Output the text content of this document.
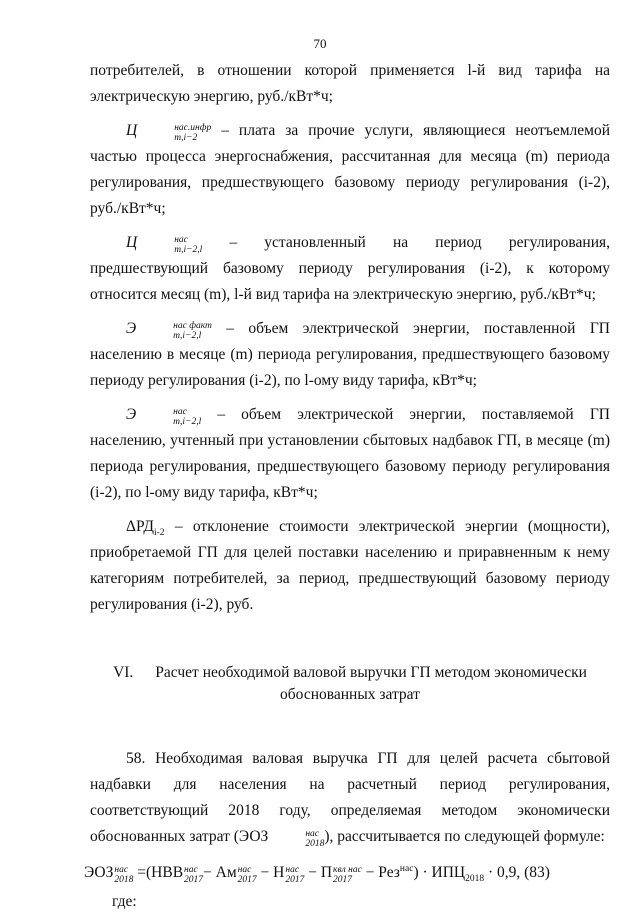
70

потребителей, в отношении которой применяется l-й вид тарифа на электрическую энергию, руб./кВт*ч;

Ц	нас.инфр
m,i−2 – плата за прочие услуги, являющиеся неотъемлемой частью процесса энергоснабжения, рассчитанная для месяца (m) периода регулирования, предшествующего базовому периоду регулирования (i-2), руб./кВт*ч;

Ц	нас
m,i−2,l – установленный на период регулирования, предшествующий базовому периоду регулирования (i-2), к которому относится месяц (m), l-й вид тарифа на электрическую энергию, руб./кВт*ч;

Э	нас факт
m,i−2,l – объем электрической энергии, поставленной ГП населению в месяце (m) периода регулирования, предшествующего базовому периоду регулирования (i-2), по l-ому виду тарифа, кВт*ч;

Э	нас
m,i−2,l – объем электрической энергии, поставляемой ГП населению, учтенный при установлении сбытовых надбавок ГП, в месяце (m) периода регулирования, предшествующего базовому периоду регулирования (i-2), по l-ому виду тарифа, кВт*ч;

$\Delta РД_{i-2}$ – отклонение стоимости электрической энергии (мощности), приобретаемой ГП для целей поставки населению и приравненным к нему категориям потребителей, за период, предшествующий базовому периоду регулирования (i-2), руб.

VI. Расчет необходимой валовой выручки ГП методом экономически
обоснованных затрат

58. Необходимая валовая выручка ГП для целей расчета сбытовой надбавки для населения на расчетный период регулирования, соответствующий 2018 году, определяемая методом экономически обоснованных затрат (ЭОЗ	нас
2018 ), рассчитывается по следующей формуле:

ЭОЗ нас
2018 =(НВВ нас
2017 − Ам нас
2017 − Н нас
2017 − П квл нас
$2017 - Рез^{нас}) \cdot ИПЦ_{2018} \cdot 0,9$, (83)
где:
